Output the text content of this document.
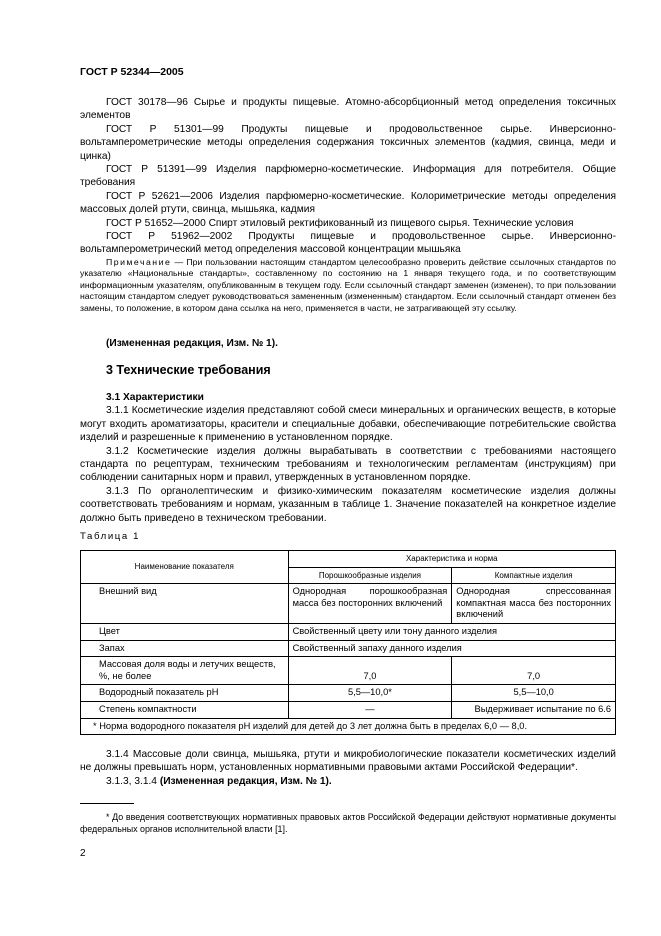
ГОСТ Р 52344—2005

ГОСТ 30178—96 Сырье и продукты пищевые. Атомно-абсорбционный метод определения токсичных элементов

ГОСТ Р 51301—99 Продукты пищевые и продовольственное сырье. Инверсионно-вольтамперометрические методы определения содержания токсичных элементов (кадмия, свинца, меди и цинка)

ГОСТ Р 51391—99 Изделия парфюмерно-косметические. Информация для потребителя. Общие требования

ГОСТ Р 52621—2006 Изделия парфюмерно-косметические. Колориметрические методы определения массовых долей ртути, свинца, мышьяка, кадмия

ГОСТ Р 51652—2000 Спирт этиловый ректификованный из пищевого сырья. Технические условия

ГОСТ Р 51962—2002 Продукты пищевые и продовольственное сырье. Инверсионно-вольтамперометрический метод определения массовой концентрации мышьяка

Примечание — При пользовании настоящим стандартом целесообразно проверить действие ссылочных стандартов по указателю «Национальные стандарты», составленному по состоянию на 1 января текущего года, и по соответствующим информационным указателям, опубликованным в текущем году. Если ссылочный стандарт заменен (изменен), то при пользовании настоящим стандартом следует руководствоваться замененным (измененным) стандартом. Если ссылочный стандарт отменен без замены, то положение, в котором дана ссылка на него, применяется в части, не затрагивающей эту ссылку.

(Измененная редакция, Изм. № 1).
3 Технические требования

3.1 Характеристики

3.1.1 Косметические изделия представляют собой смеси минеральных и органических веществ, в которые могут входить ароматизаторы, красители и специальные добавки, обеспечивающие потребительские свойства изделий и разрешенные к применению в установленном порядке.

3.1.2 Косметические изделия должны вырабатывать в соответствии с требованиями настоящего стандарта по рецептурам, техническим требованиям и технологическим регламентам (инструкциям) при соблюдении санитарных норм и правил, утвержденных в установленном порядке.

3.1.3 По органолептическим и физико-химическим показателям косметические изделия должны соответствовать требованиям и нормам, указанным в таблице 1. Значение показателей на конкретное изделие должно быть приведено в техническом требовании.

Таблица 1
Наименование показателя	Характеристика и норма	
	Порошкообразные изделия	Компактные изделия
Внешний вид	Однородная порошкообразная масса без посторонних включений	Однородная спрессованная компактная масса без посторонних включений
Цвет	Свойственный цвету или тону данного изделия	
Запах	Свойственный запаху данного изделия	
Массовая доля воды и летучих веществ, %, не более	7,0	7,0
Водородный показатель pH	5,5—10,0*	5,5—10,0
Степень компактности	—	Выдерживает испытание по 6.6
* Норма водородного показателя pH изделий для детей до 3 лет должна быть в пределах 6,0 — 8,0.		

3.1.4 Массовые доли свинца, мышьяка, ртути и микробиологические показатели косметических изделий не должны превышать норм, установленных нормативными правовыми актами Российской Федерации*.

3.1.3, 3.1.4 (Измененная редакция, Изм. № 1).

* До введения соответствующих нормативных правовых актов Российской Федерации действуют нормативные документы федеральных органов исполнительной власти [1].

2
